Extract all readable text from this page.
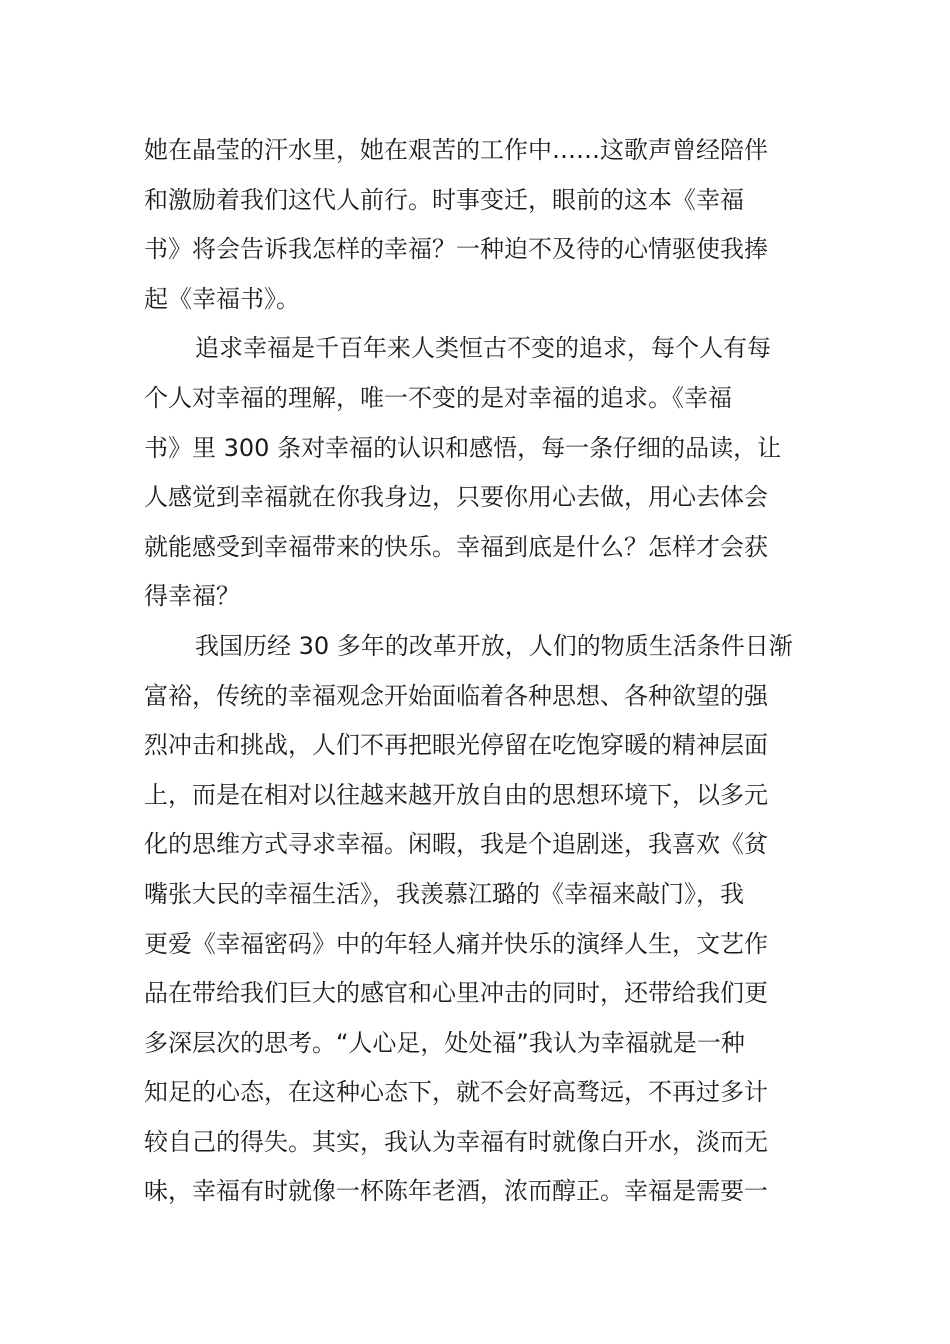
她在晶莹的汗水里，她在艰苦的工作中……这歌声曾经陪伴
和激励着我们这代人前行。时事变迁，眼前的这本《幸福
书》将会告诉我怎样的幸福？一种迫不及待的心情驱使我捧
起《幸福书》。
追求幸福是千百年来人类恒古不变的追求，每个人有每
个人对幸福的理解，唯一不变的是对幸福的追求。《幸福
书》里 300 条对幸福的认识和感悟，每一条仔细的品读，让
人感觉到幸福就在你我身边，只要你用心去做，用心去体会
就能感受到幸福带来的快乐。幸福到底是什么？怎样才会获
得幸福？
我国历经 30 多年的改革开放，人们的物质生活条件日渐
富裕，传统的幸福观念开始面临着各种思想、各种欲望的强
烈冲击和挑战，人们不再把眼光停留在吃饱穿暖的精神层面
上，而是在相对以往越来越开放自由的思想环境下，以多元
化的思维方式寻求幸福。闲暇，我是个追剧迷，我喜欢《贫
嘴张大民的幸福生活》，我羡慕江璐的《幸福来敲门》，我
更爱《幸福密码》中的年轻人痛并快乐的演绎人生，文艺作
品在带给我们巨大的感官和心里冲击的同时，还带给我们更
多深层次的思考。“人心足，处处福”我认为幸福就是一种
知足的心态，在这种心态下，就不会好高骛远，不再过多计
较自己的得失。其实，我认为幸福有时就像白开水，淡而无
味，幸福有时就像一杯陈年老酒，浓而醇正。幸福是需要一
